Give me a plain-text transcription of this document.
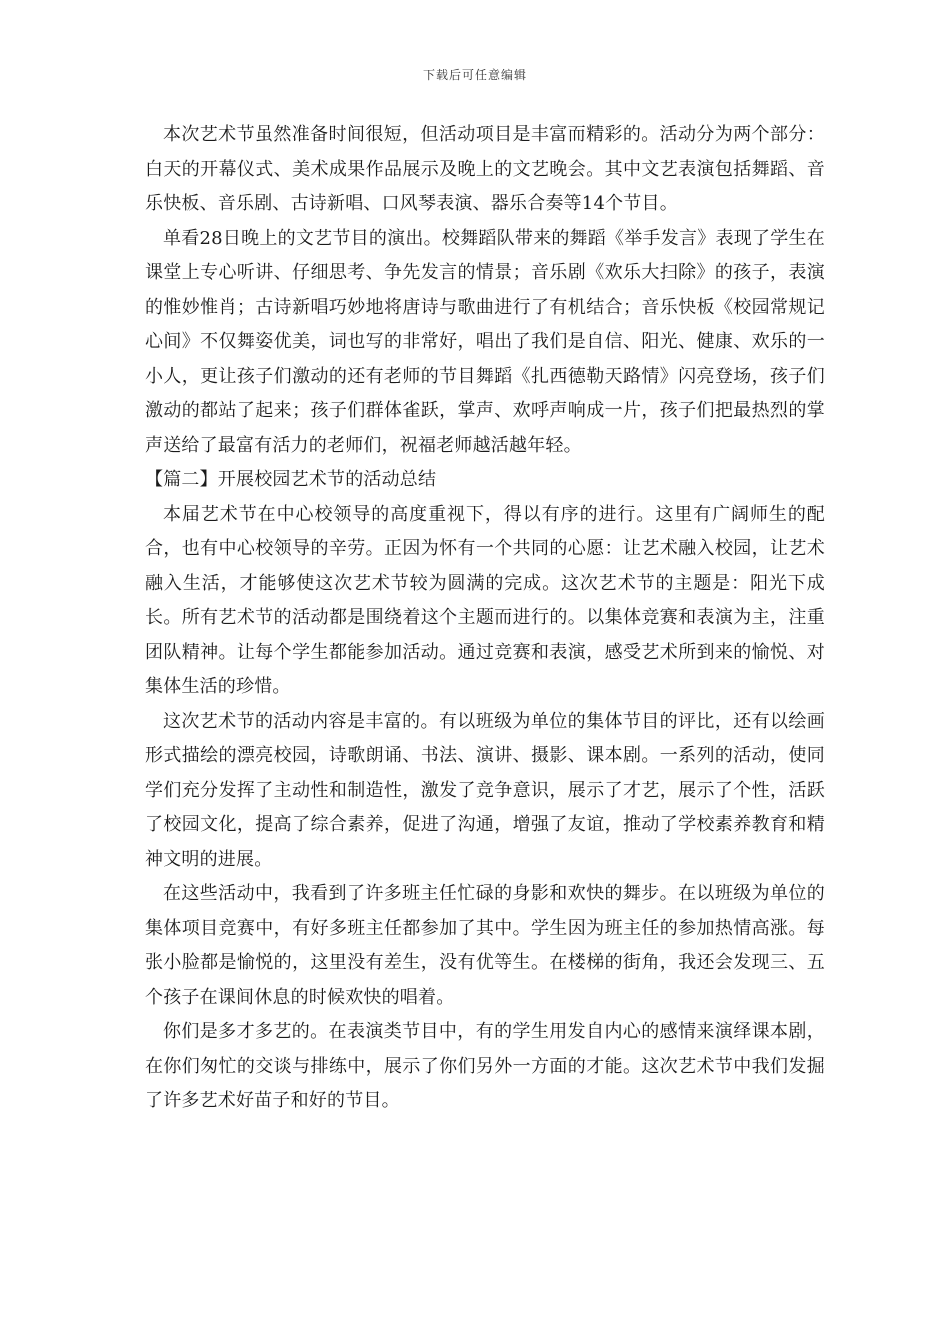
下载后可任意编辑

本次艺术节虽然准备时间很短，但活动项目是丰富而精彩的。活动分为两个部分：白天的开幕仪式、美术成果作品展示及晚上的文艺晚会。其中文艺表演包括舞蹈、音乐快板、音乐剧、古诗新唱、口风琴表演、器乐合奏等14个节目。

单看28日晚上的文艺节目的演出。校舞蹈队带来的舞蹈《举手发言》表现了学生在课堂上专心听讲、仔细思考、争先发言的情景；音乐剧《欢乐大扫除》的孩子，表演的惟妙惟肖；古诗新唱巧妙地将唐诗与歌曲进行了有机结合；音乐快板《校园常规记心间》不仅舞姿优美，词也写的非常好，唱出了我们是自信、阳光、健康、欢乐的一小人，更让孩子们激动的还有老师的节目舞蹈《扎西德勒天路情》闪亮登场，孩子们激动的都站了起来；孩子们群体雀跃，掌声、欢呼声响成一片，孩子们把最热烈的掌声送给了最富有活力的老师们，祝福老师越活越年轻。

【篇二】开展校园艺术节的活动总结

本届艺术节在中心校领导的高度重视下，得以有序的进行。这里有广阔师生的配合，也有中心校领导的辛劳。正因为怀有一个共同的心愿：让艺术融入校园，让艺术融入生活，才能够使这次艺术节较为圆满的完成。这次艺术节的主题是：阳光下成长。所有艺术节的活动都是围绕着这个主题而进行的。以集体竞赛和表演为主，注重团队精神。让每个学生都能参加活动。通过竞赛和表演，感受艺术所到来的愉悦、对集体生活的珍惜。

这次艺术节的活动内容是丰富的。有以班级为单位的集体节目的评比，还有以绘画形式描绘的漂亮校园，诗歌朗诵、书法、演讲、摄影、课本剧。一系列的活动，使同学们充分发挥了主动性和制造性，激发了竞争意识，展示了才艺，展示了个性，活跃了校园文化，提高了综合素养，促进了沟通，增强了友谊，推动了学校素养教育和精神文明的进展。

在这些活动中，我看到了许多班主任忙碌的身影和欢快的舞步。在以班级为单位的集体项目竞赛中，有好多班主任都参加了其中。学生因为班主任的参加热情高涨。每张小脸都是愉悦的，这里没有差生，没有优等生。在楼梯的街角，我还会发现三、五个孩子在课间休息的时候欢快的唱着。

你们是多才多艺的。在表演类节目中，有的学生用发自内心的感情来演绎课本剧，在你们匆忙的交谈与排练中，展示了你们另外一方面的才能。这次艺术节中我们发掘了许多艺术好苗子和好的节目。
